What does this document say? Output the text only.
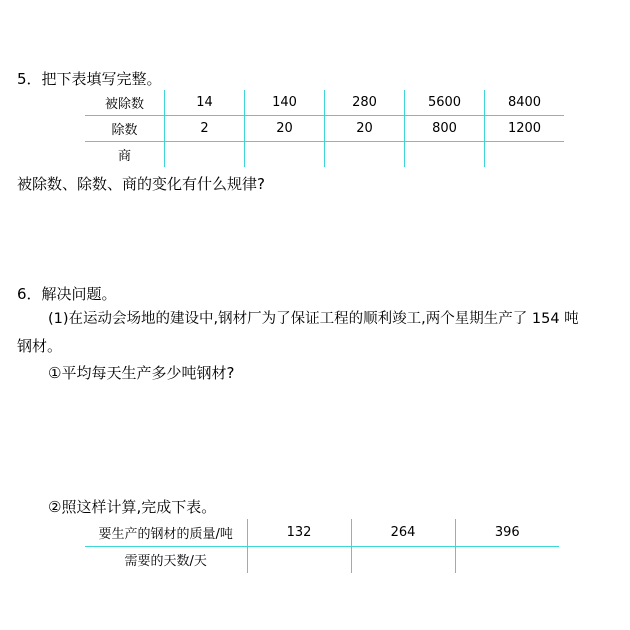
5．把下表填写完整。
被除数	14	140	280	5600	8400
除数	2	20	20	800	1200
商					
被除数、除数、商的变化有什么规律?
6．解决问题。
(1)在运动会场地的建设中,钢材厂为了保证工程的顺利竣工,两个星期生产了 154 吨
钢材。
①平均每天生产多少吨钢材?
②照这样计算,完成下表。
要生产的钢材的质量/吨	132	264	396
需要的天数/天			
